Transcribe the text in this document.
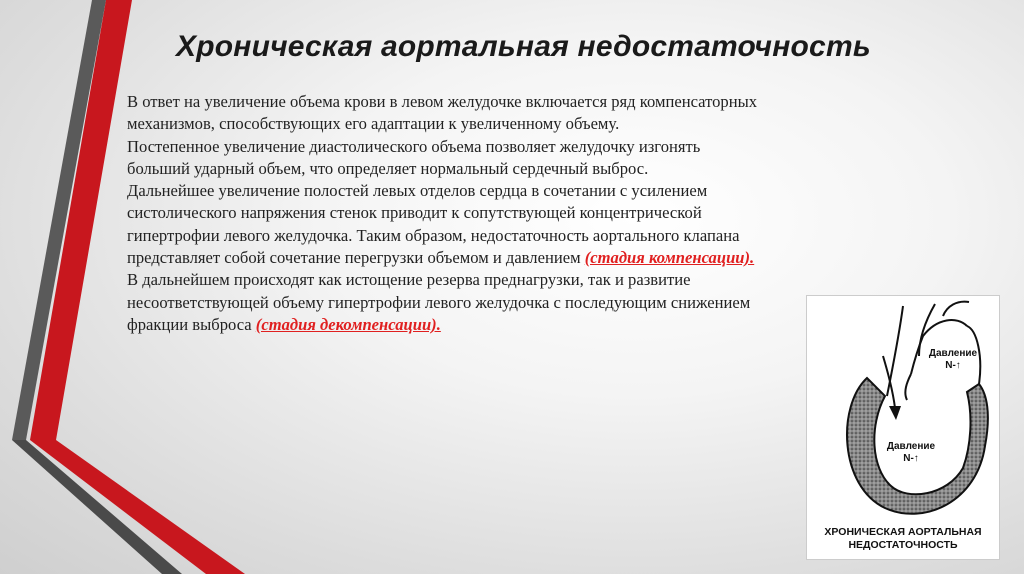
Хроническая аортальная недостаточность

В ответ на увеличение объема крови в левом желудочке включается ряд компенсаторных

механизмов, способствующих его адаптации к увеличенному объему.

Постепенное увеличение диастолического объема позволяет желудочку изгонять

больший ударный объем, что определяет нормальный сердечный выброс.

Дальнейшее увеличение полостей левых отделов сердца в сочетании с усилением

систолического напряжения стенок приводит к сопутствующей концентрической

гипертрофии левого желудочка. Таким образом, недостаточность аортального клапана

представляет собой сочетание перегрузки объемом и давлением (стадия компенсации).

В дальнейшем происходят как истощение резерва преднагрузки, так и развитие

несоответствующей объему гипертрофии левого желудочка с последующим снижением

фракции выброса (стадия декомпенсации).

Давление
N-↑
Давление
N-↑
ХРОНИЧЕСКАЯ АОРТАЛЬНАЯ
НЕДОСТАТОЧНОСТЬ
